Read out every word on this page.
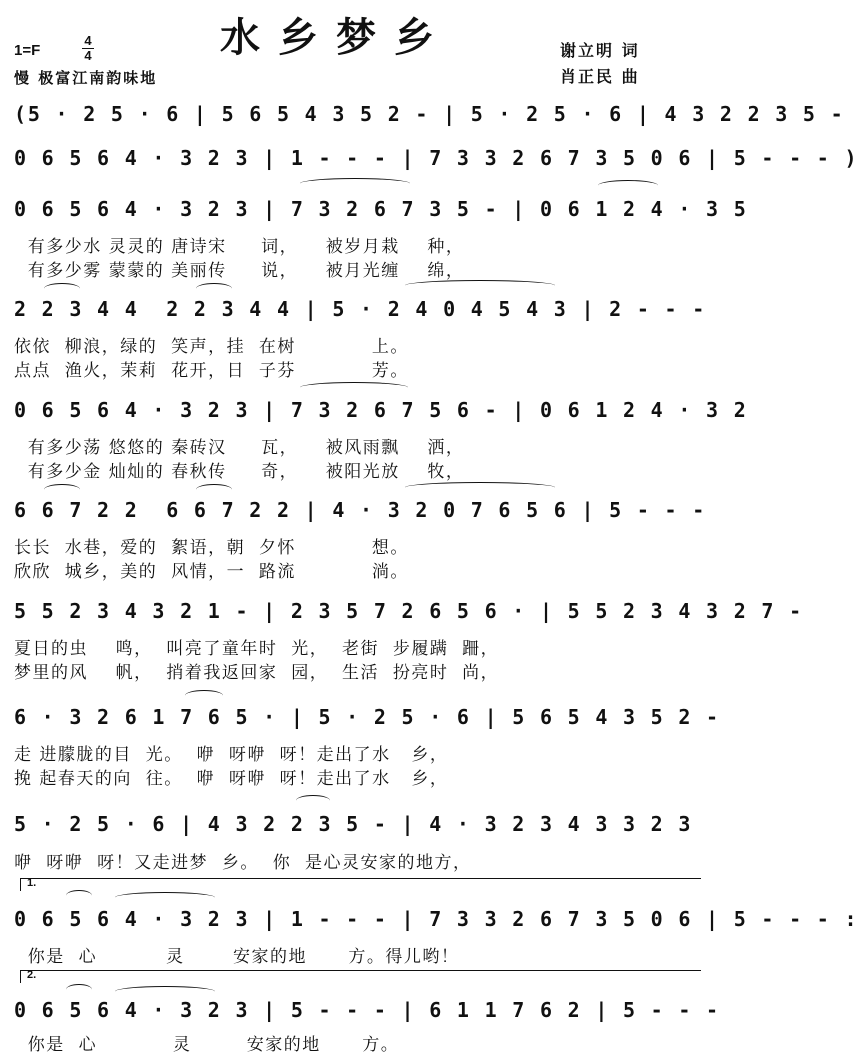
水乡梦乡
1=F
4
4
慢 极富江南韵味地
谢立明 词
肖正民 曲
(5 · 2 5 · 6 | 5 6 5 4 3 5 2 - | 5 · 2 5 · 6 | 4 3 2 2 3 5 -
0 6 5 6 4 · 3 2 3 | 1 - - - | 7 3 3 2 6 7 3 5 0 6 | 5 - - - )
0 6 5 6 4 · 3 2 3 | 7 3 2 6 7 3 5 - | 0 6 1 2 4 · 3 5
有多少水 灵灵的 唐诗宋     词，    被岁月栽    种，
有多少雾 蒙蒙的 美丽传     说，    被月光缠    绵，
2 2 3 4 4  2 2 3 4 4 | 5 · 2 4 0 4 5 4 3 | 2 - - -
依依  柳浪，绿的  笑声，挂  在树           上。
点点  渔火，茉莉  花开，日  子芬           芳。
0 6 5 6 4 · 3 2 3 | 7 3 2 6 7 5 6 - | 0 6 1 2 4 · 3 2
有多少荡 悠悠的 秦砖汉     瓦，    被风雨飘    洒，
有多少金 灿灿的 春秋传     奇，    被阳光放    牧，
6 6 7 2 2  6 6 7 2 2 | 4 · 3 2 0 7 6 5 6 | 5 - - -
长长  水巷，爱的  絮语，朝  夕怀           想。
欣欣  城乡，美的  风情，一  路流           淌。
5 5 2 3 4 3 2 1 - | 2 3 5 7 2 6 5 6 · | 5 5 2 3 4 3 2 7 -
夏日的虫    鸣，  叫亮了童年时  光，  老街  步履蹒  跚，
梦里的风    帆，  捎着我返回家  园，  生活  扮亮时  尚，
6 · 3 2 6 1 7 6 5 · | 5 · 2 5 · 6 | 5 6 5 4 3 5 2 -
走 进朦胧的目  光。  咿  呀咿  呀！走出了水   乡，
挽 起春天的向  往。  咿  呀咿  呀！走出了水   乡，
5 · 2 5 · 6 | 4 3 2 2 3 5 - | 4 · 3 2 3 4 3 3 2 3
咿  呀咿  呀！又走进梦  乡。  你  是心灵安家的地方，
1.
0 6 5 6 4 · 3 2 3 | 1 - - - | 7 3 3 2 6 7 3 5 0 6 | 5 - - - :
你是  心          灵       安家的地      方。得儿哟！
2.
0 6 5 6 4 · 3 2 3 | 5 - - - | 6 1 1 7 6 2 | 5 - - -
你是  心           灵        安家的地      方。
